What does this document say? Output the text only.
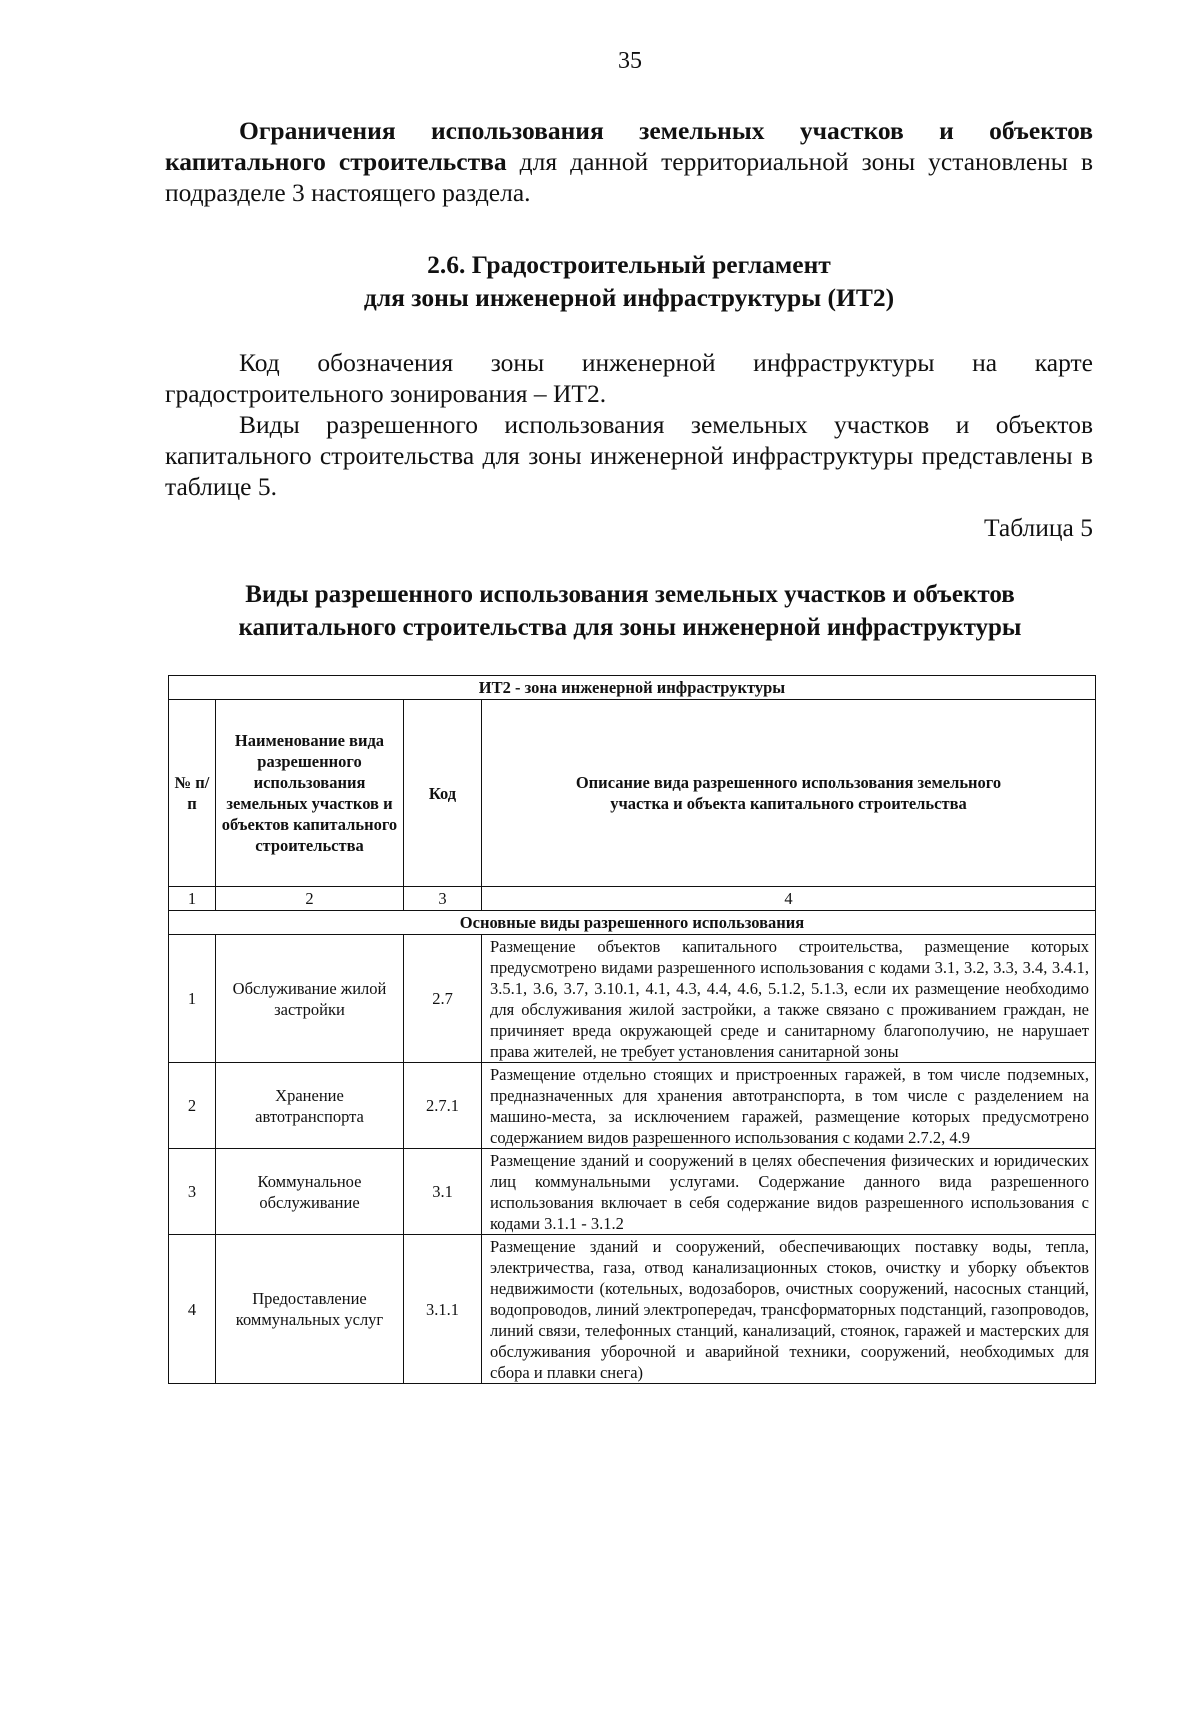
35
Ограничения использования земельных участков и объектов капитального строительства для данной территориальной зоны установлены в подразделе 3 настоящего раздела.

2.6. Градостроительный регламент

для зоны инженерной инфраструктуры (ИТ2)

Код обозначения зоны инженерной инфраструктуры на карте градостроительного зонирования – ИТ2.

Виды разрешенного использования земельных участков и объектов капитального строительства для зоны инженерной инфраструктуры представлены в таблице 5.

Таблица 5

Виды разрешенного использования земельных участков и объектов

капитального строительства для зоны инженерной инфраструктуры

ИТ2 - зона инженерной инфраструктуры			
№ п/п	Наименование вида разрешенного использования земельных участков и объектов капитального строительства	Код	Описание вида разрешенного использования земельного участка и объекта капитального строительства
1	2	3	4
Основные виды разрешенного использования			
1	Обслуживание жилой застройки	2.7	Размещение объектов капитального строительства, размещение которых предусмотрено видами разрешенного использования с кодами 3.1, 3.2, 3.3, 3.4, 3.4.1, 3.5.1, 3.6, 3.7, 3.10.1, 4.1, 4.3, 4.4, 4.6, 5.1.2, 5.1.3, если их размещение необходимо для обслуживания жилой застройки, а также связано с проживанием граждан, не причиняет вреда окружающей среде и санитарному благополучию, не нарушает права жителей, не требует установления санитарной зоны
2	Хранение автотранспорта	2.7.1	Размещение отдельно стоящих и пристроенных гаражей, в том числе подземных, предназначенных для хранения автотранспорта, в том числе с разделением на машино-места, за исключением гаражей, размещение которых предусмотрено содержанием видов разрешенного использования с кодами 2.7.2, 4.9
3	Коммунальное обслуживание	3.1	Размещение зданий и сооружений в целях обеспечения физических и юридических лиц коммунальными услугами. Содержание данного вида разрешенного использования включает в себя содержание видов разрешенного использования с кодами 3.1.1 - 3.1.2
4	Предоставление коммунальных услуг	3.1.1	Размещение зданий и сооружений, обеспечивающих поставку воды, тепла, электричества, газа, отвод канализационных стоков, очистку и уборку объектов недвижимости (котельных, водозаборов, очистных сооружений, насосных станций, водопроводов, линий электропередач, трансформаторных подстанций, газопроводов, линий связи, телефонных станций, канализаций, стоянок, гаражей и мастерских для обслуживания уборочной и аварийной техники, сооружений, необходимых для сбора и плавки снега)
